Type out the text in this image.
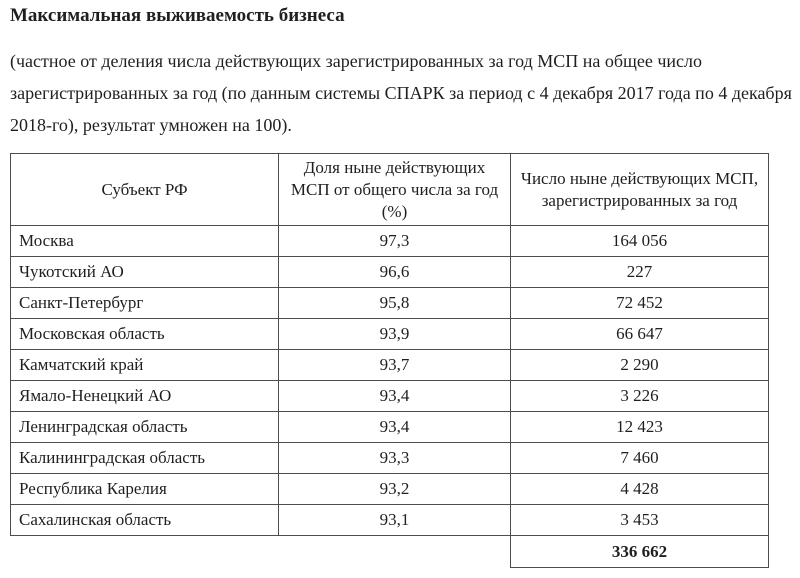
Максимальная выживаемость бизнеса

(частное от деления числа действующих зарегистрированных за год МСП на общее число зарегистрированных за год (по данным системы СПАРК за период с 4 декабря 2017 года по 4 декабря 2018-го), результат умножен на 100).

Субъект РФ	Доля ныне действующих МСП от общего числа за год (%)	Число ныне действующих МСП, зарегистрированных за год
Москва	97,3	164 056
Чукотский АО	96,6	227
Санкт-Петербург	95,8	72 452
Московская область	93,9	66 647
Камчатский край	93,7	2 290
Ямало-Ненецкий АО	93,4	3 226
Ленинградская область	93,4	12 423
Калининградская область	93,3	7 460
Республика Карелия	93,2	4 428
Сахалинская область	93,1	3 453
		336 662
